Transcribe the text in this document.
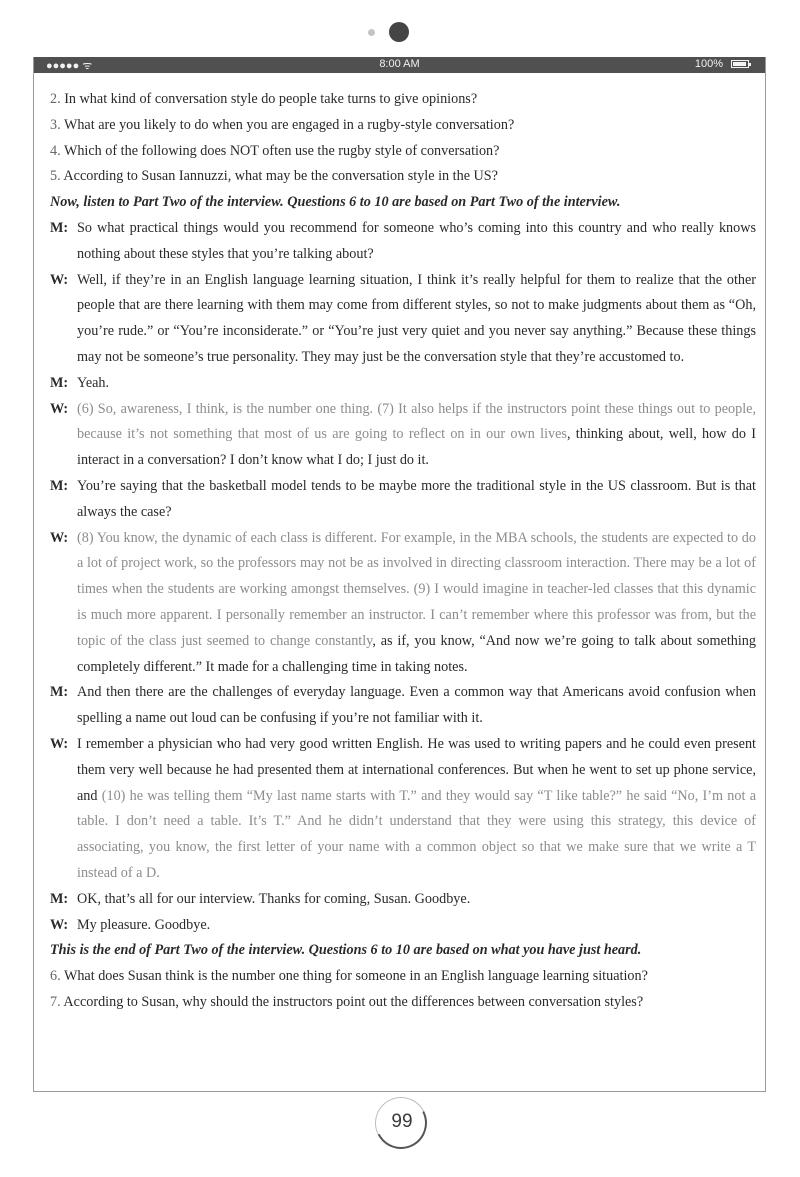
●●●●● ᯤ	8:00 AM	100%

2. In what kind of conversation style do people take turns to give opinions?

3. What are you likely to do when you are engaged in a rugby-style conversation?

4. Which of the following does NOT often use the rugby style of conversation?

5. According to Susan Iannuzzi, what may be the conversation style in the US?

Now, listen to Part Two of the interview. Questions 6 to 10 are based on Part Two of the interview.

M: So what practical things would you recommend for someone who’s coming into this country and who really knows nothing about these styles that you’re talking about?

W: Well, if they’re in an English language learning situation, I think it’s really helpful for them to realize that the other people that are there learning with them may come from different styles, so not to make judgments about them as “Oh, you’re rude.” or “You’re inconsiderate.” or “You’re just very quiet and you never say anything.” Because these things may not be someone’s true personality. They may just be the conversation style that they’re accustomed to.

M: Yeah.

W: (6) So, awareness, I think, is the number one thing. (7) It also helps if the instructors point these things out to people, because it’s not something that most of us are going to reflect on in our own lives, thinking about, well, how do I interact in a conversation? I don’t know what I do; I just do it.

M: You’re saying that the basketball model tends to be maybe more the traditional style in the US classroom. But is that always the case?

W: (8) You know, the dynamic of each class is different. For example, in the MBA schools, the students are expected to do a lot of project work, so the professors may not be as involved in directing classroom interaction. There may be a lot of times when the students are working amongst themselves. (9) I would imagine in teacher-led classes that this dynamic is much more apparent. I personally remember an instructor. I can’t remember where this professor was from, but the topic of the class just seemed to change constantly, as if, you know, “And now we’re going to talk about something completely different.” It made for a challenging time in taking notes.

M: And then there are the challenges of everyday language. Even a common way that Americans avoid confusion when spelling a name out loud can be confusing if you’re not familiar with it.

W: I remember a physician who had very good written English. He was used to writing papers and he could even present them very well because he had presented them at international conferences. But when he went to set up phone service, and (10) he was telling them “My last name starts with T.” and they would say “T like table?” he said “No, I’m not a table. I don’t need a table. It’s T.” And he didn’t understand that they were using this strategy, this device of associating, you know, the first letter of your name with a common object so that we make sure that we write a T instead of a D.

M: OK, that’s all for our interview. Thanks for coming, Susan. Goodbye.

W: My pleasure. Goodbye.

This is the end of Part Two of the interview. Questions 6 to 10 are based on what you have just heard.

6. What does Susan think is the number one thing for someone in an English language learning situation?

7. According to Susan, why should the instructors point out the differences between conversation styles?

99
